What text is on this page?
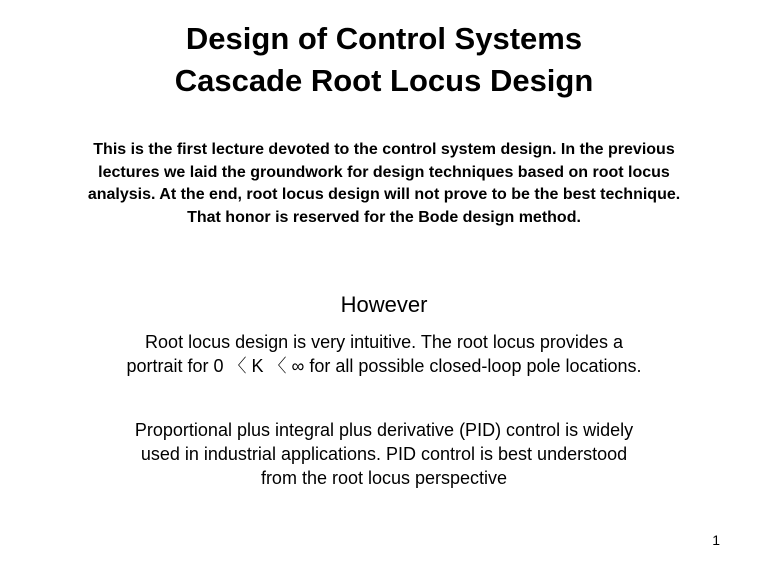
Design of Control Systems
Cascade Root Locus Design

This is the first lecture devoted to the control system design. In the previous lectures we laid the groundwork for design techniques based on root locus analysis. At the end, root locus design will not prove to be the best technique. That honor is reserved for the Bode design method.

However

Root locus design is very intuitive. The root locus provides a portrait for 0 〈 K 〈 ∞ for all possible closed-loop pole locations.

Proportional plus integral plus derivative (PID) control is widely used in industrial applications. PID control is best understood from the root locus perspective

1
